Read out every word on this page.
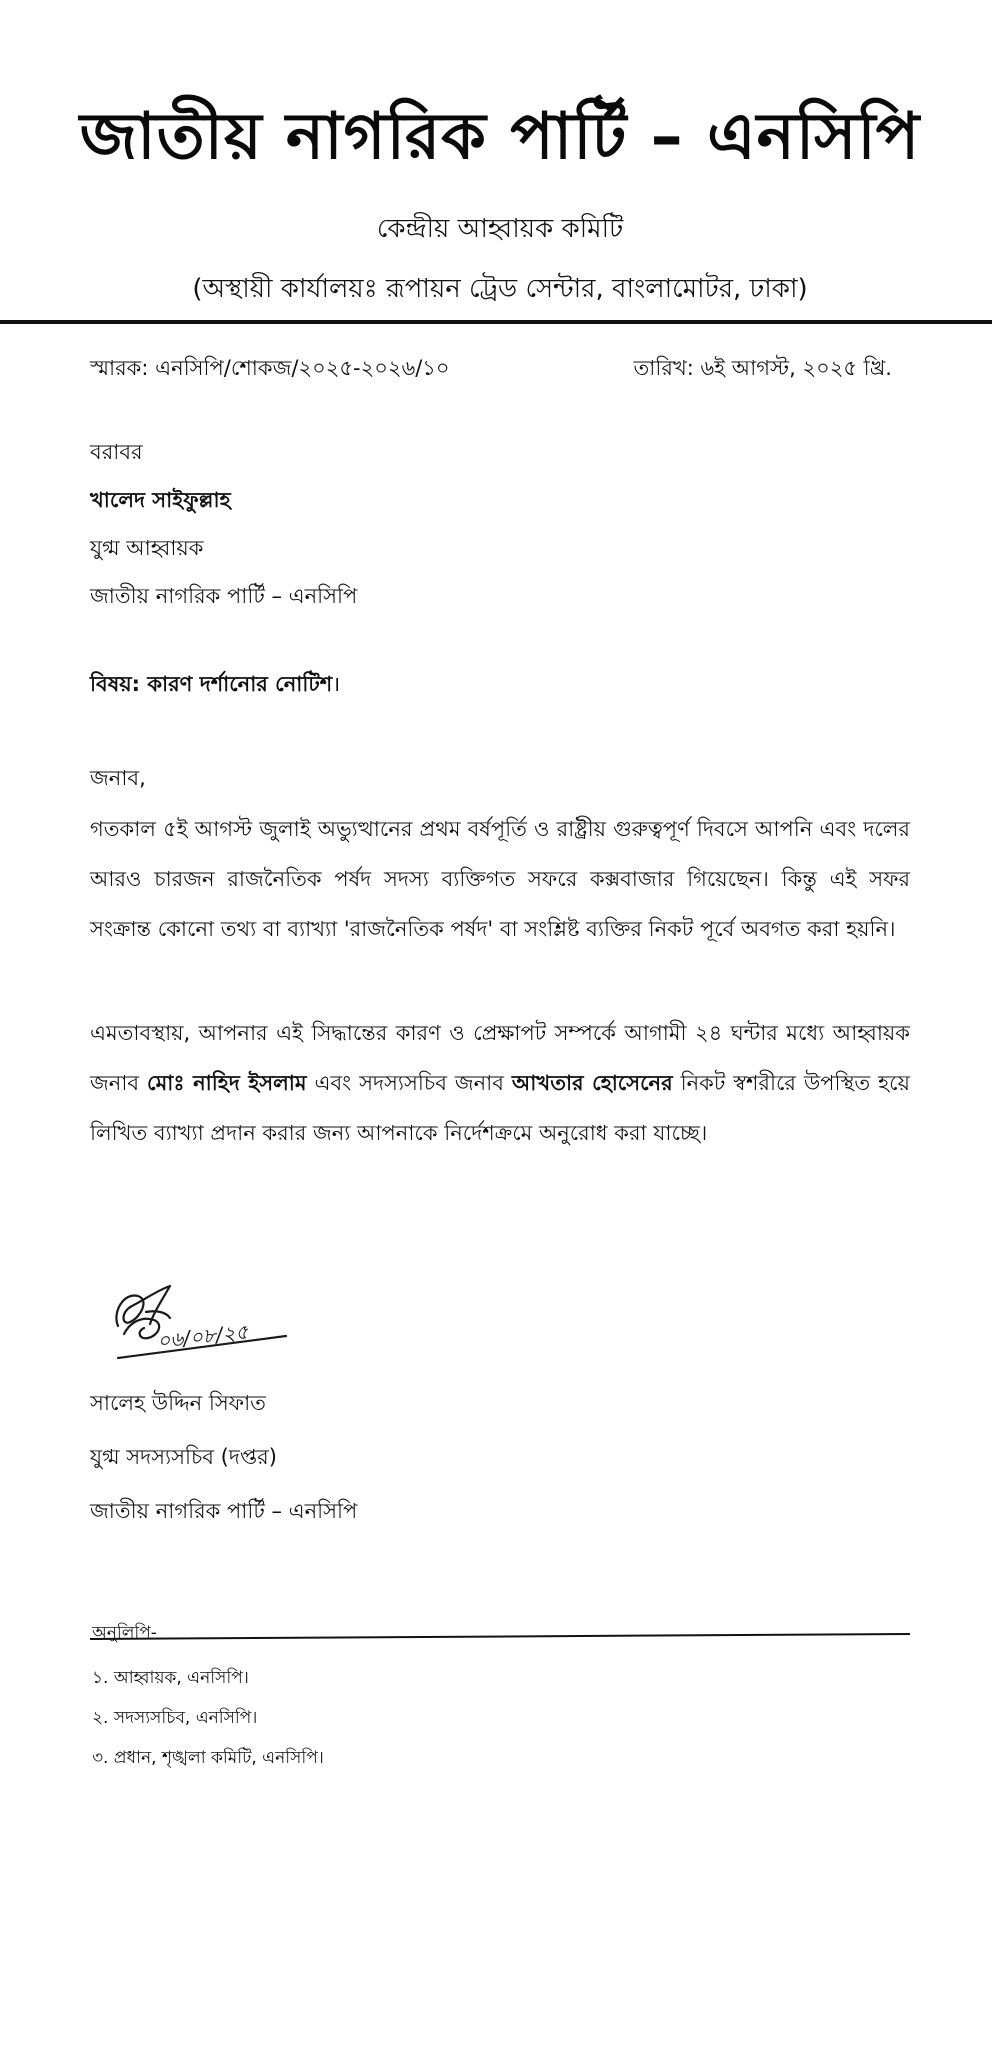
জাতীয় নাগরিক পার্টি – এনসিপি
কেন্দ্রীয় আহ্বায়ক কমিটি
(অস্থায়ী কার্যালয়ঃ রূপায়ন ট্রেড সেন্টার, বাংলামোটর, ঢাকা)
স্মারক: এনসিপি/শোকজ/২০২৫-২০২৬/১০	তারিখ: ৬ই আগস্ট, ২০২৫ খ্রি.
বরাবর
খালেদ সাইফুল্লাহ
যুগ্ম আহ্বায়ক
জাতীয় নাগরিক পার্টি – এনসিপি
বিষয়: কারণ দর্শানোর নোটিশ।
জনাব,
গতকাল ৫ই আগস্ট জুলাই অভ্যুত্থানের প্রথম বর্ষপূর্তি ও রাষ্ট্রীয় গুরুত্বপূর্ণ দিবসে আপনি এবং দলের আরও চারজন রাজনৈতিক পর্ষদ সদস্য ব্যক্তিগত সফরে কক্সবাজার গিয়েছেন। কিন্তু এই সফর সংক্রান্ত কোনো তথ্য বা ব্যাখ্যা 'রাজনৈতিক পর্ষদ' বা সংশ্লিষ্ট ব্যক্তির নিকট পূর্বে অবগত করা হয়নি।
এমতাবস্থায়, আপনার এই সিদ্ধান্তের কারণ ও প্রেক্ষাপট সম্পর্কে আগামী ২৪ ঘন্টার মধ্যে আহ্বায়ক জনাব মোঃ নাহিদ ইসলাম এবং সদস্যসচিব জনাব আখতার হোসেনের নিকট স্বশরীরে উপস্থিত হয়ে লিখিত ব্যাখ্যা প্রদান করার জন্য আপনাকে নির্দেশক্রমে অনুরোধ করা যাচ্ছে।
০৬/০৮/২৫
সালেহ উদ্দিন সিফাত
যুগ্ম সদস্যসচিব (দপ্তর)
জাতীয় নাগরিক পার্টি – এনসিপি
অনুলিপি-
১. আহ্বায়ক, এনসিপি।
২. সদস্যসচিব, এনসিপি।
৩. প্রধান, শৃঙ্খলা কমিটি, এনসিপি।
